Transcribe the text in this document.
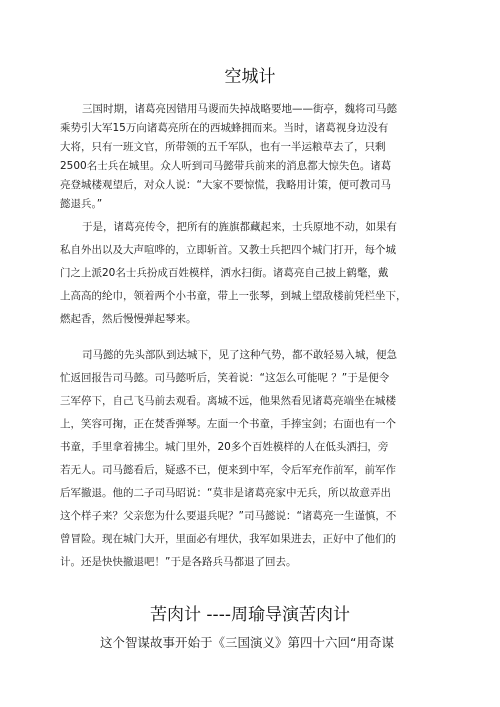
空城计
三国时期，诸葛亮因错用马谡而失掉战略要地——街亭，魏将司马懿
乘势引大军15万向诸葛亮所在的西城蜂拥而来。当时，诸葛视身边没有
大将，只有一班文官，所带领的五千军队，也有一半运粮草去了，只剩
2500名士兵在城里。众人听到司马懿带兵前来的消息都大惊失色。诸葛
亮登城楼观望后，对众人说：“大家不要惊慌，我略用计策，便可教司马
懿退兵。”
于是，诸葛亮传令，把所有的旌旗都藏起来，士兵原地不动，如果有
私自外出以及大声喧哗的，立即斩首。又教士兵把四个城门打开，每个城
门之上派20名士兵扮成百姓模样，洒水扫街。诸葛亮自己披上鹤氅，戴
上高高的纶巾，领着两个小书童，带上一张琴，到城上望敌楼前凭栏坐下，
燃起香，然后慢慢弹起琴来。
司马懿的先头部队到达城下，见了这种气势，都不敢轻易入城，便急
忙返回报告司马懿。司马懿听后，笑着说：“这怎么可能呢 ？”于是便令
三军停下，自己飞马前去观看。离城不远，他果然看见诸葛亮端坐在城楼
上，笑容可掬，正在焚香弹琴。左面一个书童，手捧宝剑；右面也有一个
书童，手里拿着拂尘。城门里外，20多个百姓模样的人在低头洒扫，旁
若无人。司马懿看后，疑惑不已，便来到中军，令后军充作前军，前军作
后军撤退。他的二子司马昭说：“莫非是诸葛亮家中无兵，所以故意弄出
这个样子来？父亲您为什么要退兵呢？”司马懿说：“诸葛亮一生谨慎，不
曾冒险。现在城门大开，里面必有埋伏，我军如果进去，正好中了他们的
计。还是快快撤退吧！”于是各路兵马都退了回去。
苦肉计 ----周瑜导演苦肉计

这个智谋故事开始于《三国演义》第四十六回“用奇谋
